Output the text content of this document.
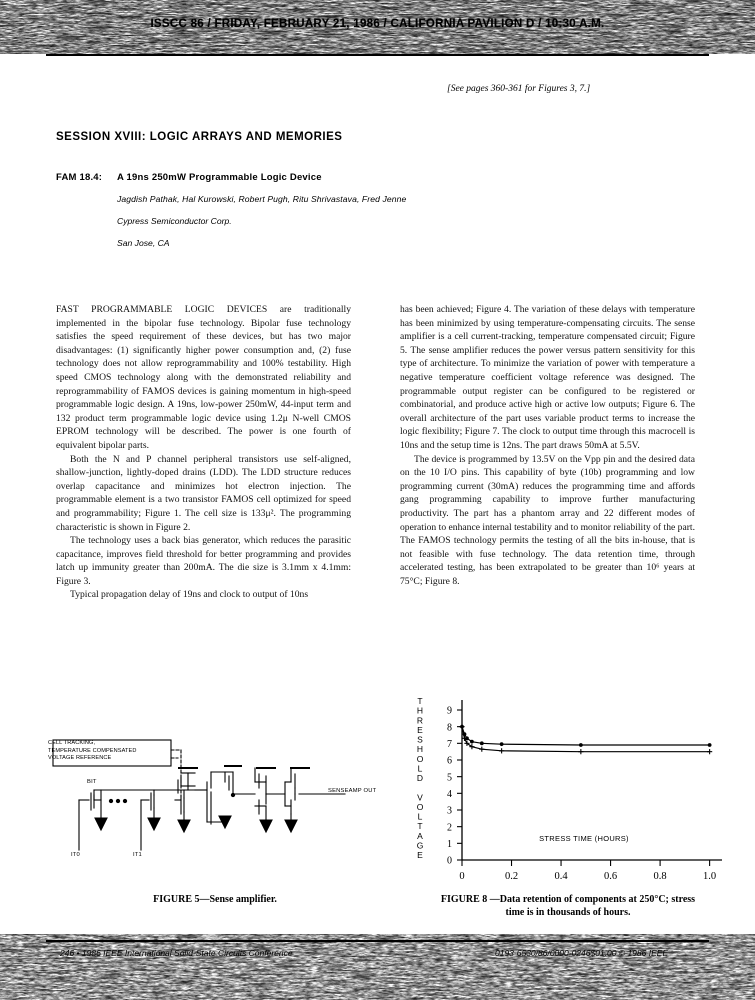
ISSCC 86 / FRIDAY, FEBRUARY 21, 1986 / CALIFORNIA PAVILION D / 10:30 A.M.
[See pages 360-361 for Figures 3, 7.]
SESSION XVIII: LOGIC ARRAYS AND MEMORIES
FAM 18.4: A 19ns 250mW Programmable Logic Device
Jagdish Pathak, Hal Kurowski, Robert Pugh, Ritu Shrivastava, Fred Jenne
Cypress Semiconductor Corp.
San Jose, CA

FAST PROGRAMMABLE LOGIC DEVICES are traditionally implemented in the bipolar fuse technology. Bipolar fuse technology satisfies the speed requirement of these devices, but has two major disadvantages: (1) significantly higher power consumption and, (2) fuse technology does not allow reprogrammability and 100% testability. High speed CMOS technology along with the demonstrated reliability and reprogrammability of FAMOS devices is gaining momentum in high-speed programmable logic design. A 19ns, low-power 250mW, 44-input term and 132 product term programmable logic device using 1.2μ N-well CMOS EPROM technology will be described. The power is one fourth of equivalent bipolar parts.

Both the N and P channel peripheral transistors use self-aligned, shallow-junction, lightly-doped drains (LDD). The LDD structure reduces overlap capacitance and minimizes hot electron injection. The programmable element is a two transistor FAMOS cell optimized for speed and programmability; Figure 1. The cell size is 133μ². The programming characteristic is shown in Figure 2.

The technology uses a back bias generator, which reduces the parasitic capacitance, improves field threshold for better programming and provides latch up immunity greater than 200mA. The die size is 3.1mm x 4.1mm: Figure 3.

Typical propagation delay of 19ns and clock to output of 10ns

has been achieved; Figure 4. The variation of these delays with temperature has been minimized by using temperature-compensating circuits. The sense amplifier is a cell current-tracking, temperature compensated circuit; Figure 5. The sense amplifier reduces the power versus pattern sensitivity for this type of architecture. To minimize the variation of power with temperature a negative temperature coefficient voltage reference was designed. The programmable output register can be configured to be registered or combinatorial, and produce active high or active low outputs; Figure 6. The overall architecture of the part uses variable product terms to increase the logic flexibility; Figure 7. The clock to output time through this macrocell is 10ns and the setup time is 12ns. The part draws 50mA at 5.5V.

The device is programmed by 13.5V on the Vpp pin and the desired data on the 10 I/O pins. This capability of byte (10b) programming and low programming current (30mA) reduces the programming time and affords gang programming capability to improve further manufacturing productivity. The part has a phantom array and 22 different modes of operation to enhance internal testability and to monitor reliability of the part. The FAMOS technology permits the testing of all the bits in-house, that is not feasible with fuse technology. The data retention time, through accelerated testing, has been extrapolated to be greater than 10⁶ years at 75°C; Figure 8.

CELL TRACKING,
TEMPERATURE COMPENSATED
VOLTAGE REFERENCE
BIT
IT0	IT1
SENSEAMP OUT
FIGURE 5—Sense amplifier.
0
1
2
3
4
5
6
7
8
9
0	0.2	0.4	0.6	0.8	1.0
STRESS TIME (HOURS)
T
H
R
E
S
H
O
L
D
V
O
L
T
A
G
E
FIGURE 8 —Data retention of components at 250°C; stress
time is in thousands of hours.
246 • 1986 IEEE International Solid-State Circuits Conference	0193-6530/86/0000-0246$01.00 © 1986 IEEE
